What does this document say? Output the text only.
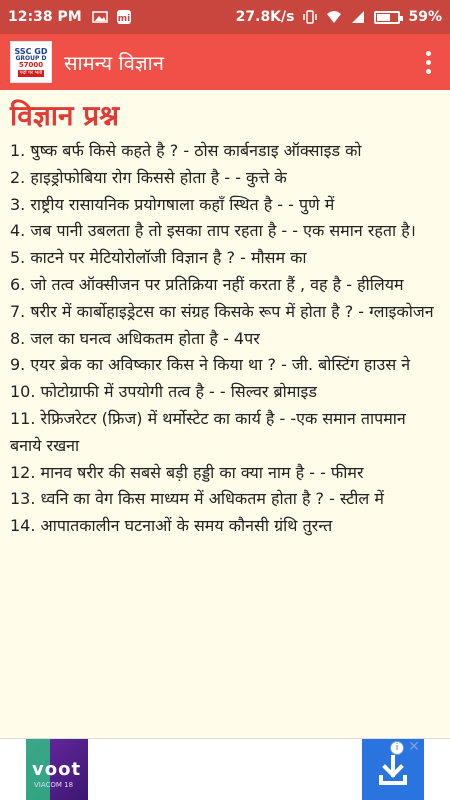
12:38 PM	mi	27.8K/s	59%
SSC GD
GROUP D
57000
पदों पर भर्ती सामन्य विज्ञान
विज्ञान प्रश्न
1. षुष्क बर्फ किसे कहते है ? - ठोस कार्बनडाइ ऑक्साइड को
2. हाइड्रोफोबिया रोग किससे होता है - - कुत्ते के
3. राष्ट्रीय रासायनिक प्रयोगषाला कहाँ स्थित है - - पुणे में
4. जब पानी उबलता है तो इसका ताप रहता है - - एक समान रहता है।
5. काटने पर मेटियोरोलॉजी विज्ञान है ? - मौसम का
6. जो तत्व ऑक्सीजन पर प्रतिक्रिया नहीं करता हैं , वह है - हीलियम
7. षरीर में कार्बोहाइड्रेटस का संग्रह किसके रूप में होता है ? - ग्लाइकोजन
8. जल का घनत्व अधिकतम होता है - 4पर
9. एयर ब्रेक का अविष्कार किस ने किया था ? - जी. बोस्टिंग हाउस ने
10. फोटोग्राफी में उपयोगी तत्व है - - सिल्वर ब्रोमाइड
11. रेफ्रिजरेटर (फ्रिज) में थर्मोस्टेट का कार्य है - -एक समान तापमान बनाये रखना
12. मानव षरीर की सबसे बड़ी हड्डी का क्या नाम है - - फीमर
13. ध्वनि का वेग किस माध्यम में अधिकतम होता है ? - स्टील में
14. आपातकालीन घटनाओं के समय कौनसी ग्रंथि तुरन्त
voot
VIACOM 18
i ✕
